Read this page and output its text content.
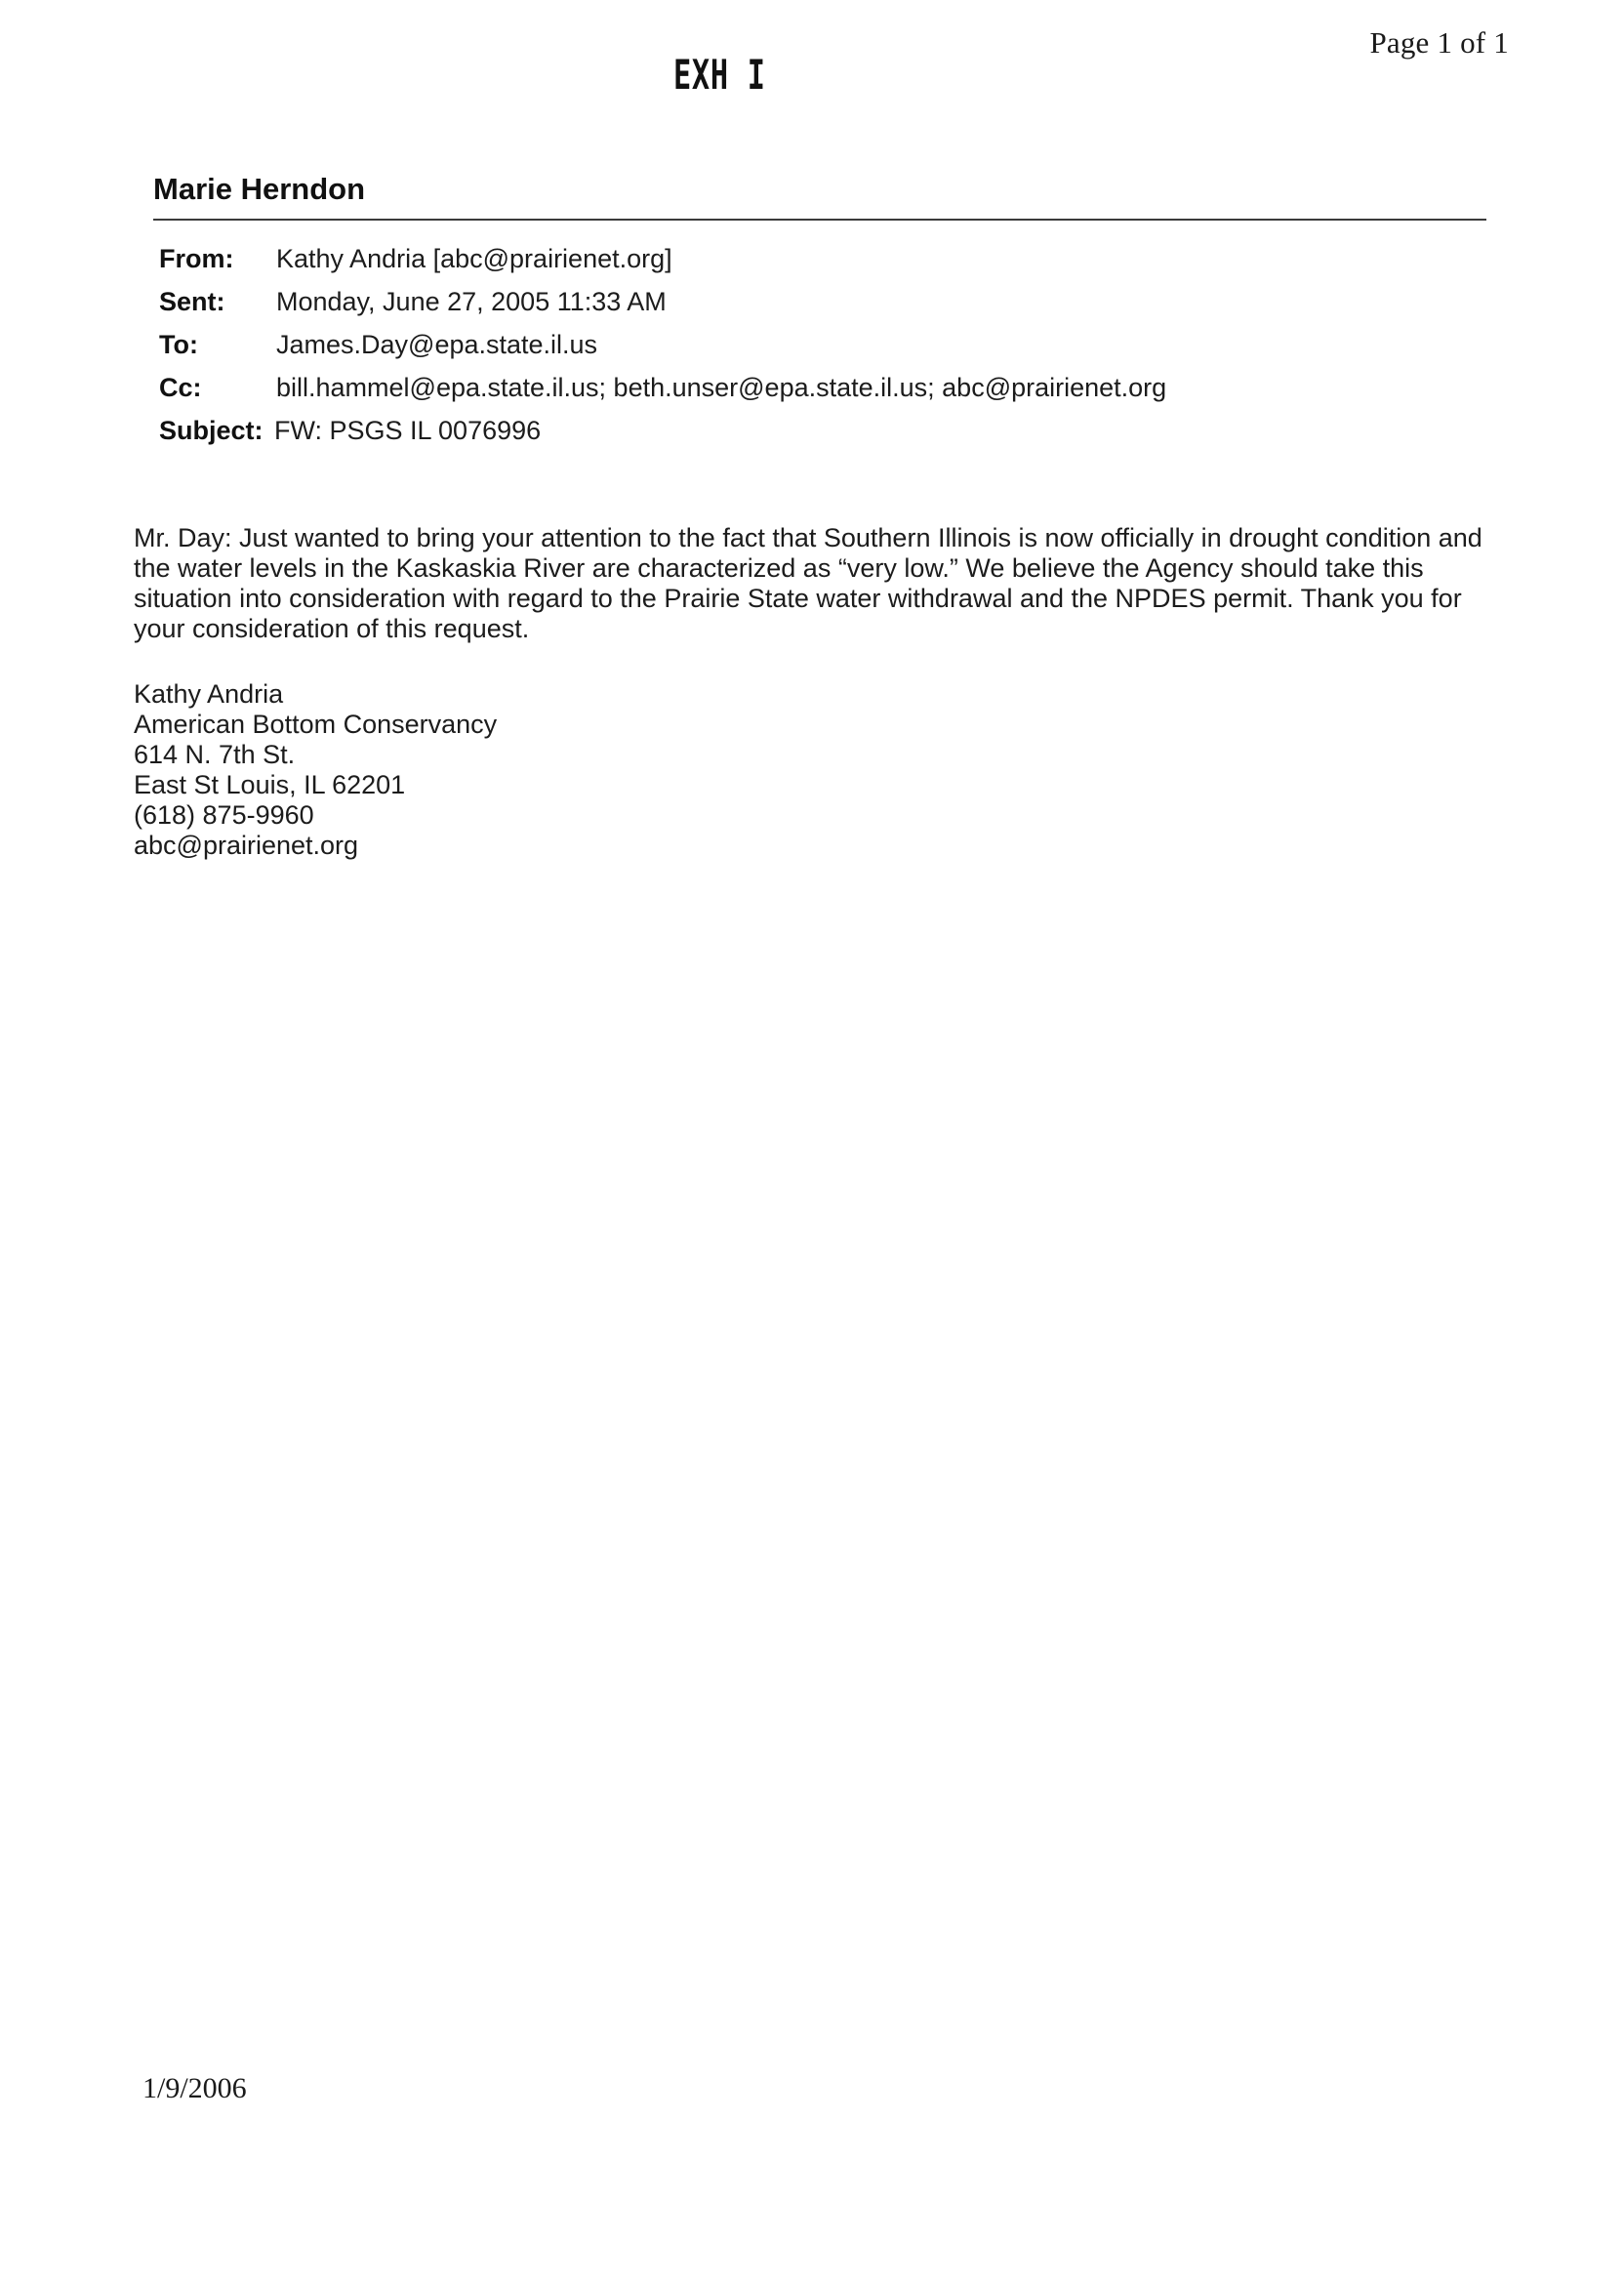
Page 1 of 1
EXH I
Marie Herndon
From:	Kathy Andria [abc@prairienet.org]
Sent:	Monday, June 27, 2005 11:33 AM
To:	James.Day@epa.state.il.us
Cc:	bill.hammel@epa.state.il.us; beth.unser@epa.state.il.us; abc@prairienet.org
Subject: FW: PSGS IL 0076996
Mr. Day: Just wanted to bring your attention to the fact that Southern Illinois is now officially in drought condition and the water levels in the Kaskaskia River are characterized as “very low.” We believe the Agency should take this situation into consideration with regard to the Prairie State water withdrawal and the NPDES permit. Thank you for your consideration of this request.
Kathy Andria
American Bottom Conservancy
614 N. 7th St.
East St Louis, IL 62201
(618) 875-9960
abc@prairienet.org
1/9/2006
